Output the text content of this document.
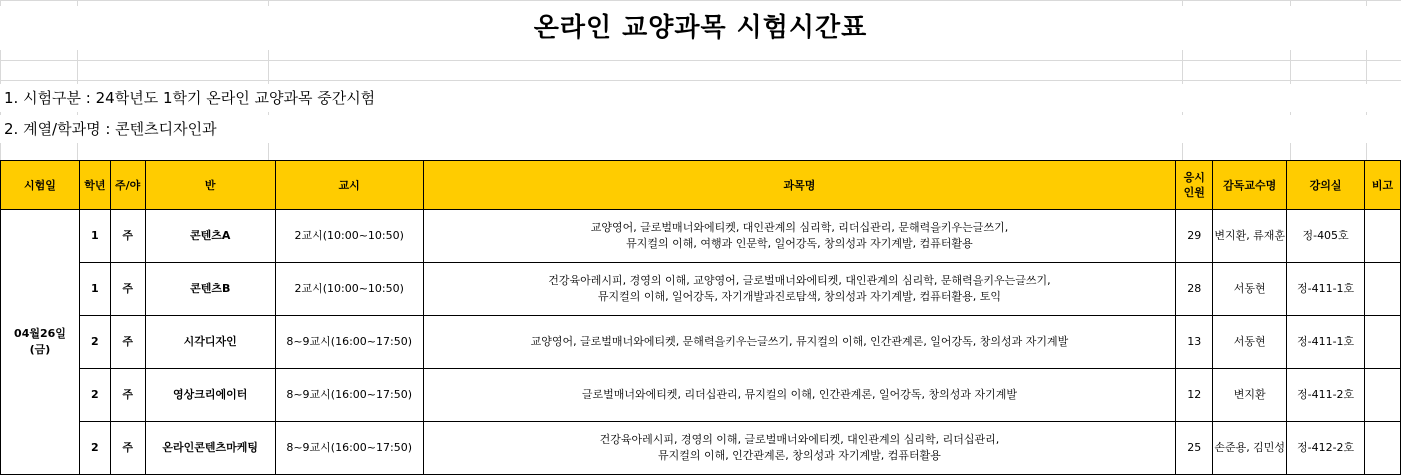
온라인 교양과목 시험시간표
1. 시험구분 : 24학년도 1학기 온라인 교양과목 중간시험
2. 계열/학과명 : 콘텐츠디자인과
시험일	학년	주/야	반	교시	과목명	응시
인원	감독교수명	강의실	비고

04월26일
(금)	1	주	콘텐츠A	2교시(10:00~10:50)	교양영어, 글로벌매너와에티켓, 대인관계의 심리학, 리더십관리, 문해력을키우는글쓰기,
뮤지컬의 이해, 여행과 인문학, 일어강독, 창의성과 자기계발, 컴퓨터활용	29	변지환, 류재훈	정-405호	
	1	주	콘텐츠B	2교시(10:00~10:50)	건강육아레시피, 경영의 이해, 교양영어, 글로벌매너와에티켓, 대인관계의 심리학, 문해력을키우는글쓰기,
뮤지컬의 이해, 일어강독, 자기개발과진로탐색, 창의성과 자기계발, 컴퓨터활용, 토익	28	서동현	정-411-1호	
	2	주	시각디자인	8~9교시(16:00~17:50)	교양영어, 글로벌매너와에티켓, 문해력을키우는글쓰기, 뮤지컬의 이해, 인간관계론, 일어강독, 창의성과 자기계발	13	서동현	정-411-1호	
	2	주	영상크리에이터	8~9교시(16:00~17:50)	글로벌매너와에티켓, 리더십관리, 뮤지컬의 이해, 인간관계론, 일어강독, 창의성과 자기계발	12	변지환	정-411-2호	
	2	주	온라인콘텐츠마케팅	8~9교시(16:00~17:50)	건강육아레시피, 경영의 이해, 글로벌매너와에티켓, 대인관계의 심리학, 리더십관리,
뮤지컬의 이해, 인간관계론, 창의성과 자기계발, 컴퓨터활용	25	손준용, 김민성	정-412-2호	
